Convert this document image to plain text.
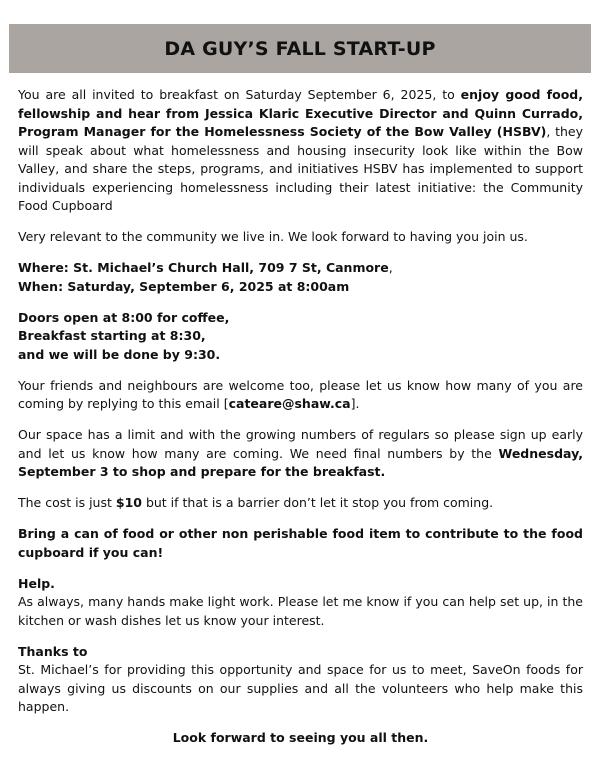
DA GUY’S FALL START-UP

You are all invited to breakfast on Saturday September 6, 2025, to enjoy good food, fellowship and hear from Jessica Klaric Executive Director and Quinn Currado, Program Manager for the Homelessness Society of the Bow Valley (HSBV), they will speak about what homelessness and housing insecurity look like within the Bow Valley, and share the steps, programs, and initiatives HSBV has implemented to support individuals experiencing homelessness including their latest initiative: the Community Food Cupboard

Very relevant to the community we live in. We look forward to having you join us.

Where: St. Michael’s Church Hall, 709 7 St, Canmore,
When: Saturday, September 6, 2025 at 8:00am
Doors open at 8:00 for coffee,
Breakfast starting at 8:30,
and we will be done by 9:30.

Your friends and neighbours are welcome too, please let us know how many of you are coming by replying to this email [cateare@shaw.ca].

Our space has a limit and with the growing numbers of regulars so please sign up early and let us know how many are coming. We need final numbers by the Wednesday, September 3 to shop and prepare for the breakfast.

The cost is just $10 but if that is a barrier don’t let it stop you from coming.

Bring a can of food or other non perishable food item to contribute to the food cupboard if you can!

Help.
As always, many hands make light work. Please let me know if you can help set up, in the kitchen or wash dishes let us know your interest.
Thanks to
St. Michael’s for providing this opportunity and space for us to meet, SaveOn foods for always giving us discounts on our supplies and all the volunteers who help make this happen.

Look forward to seeing you all then.
